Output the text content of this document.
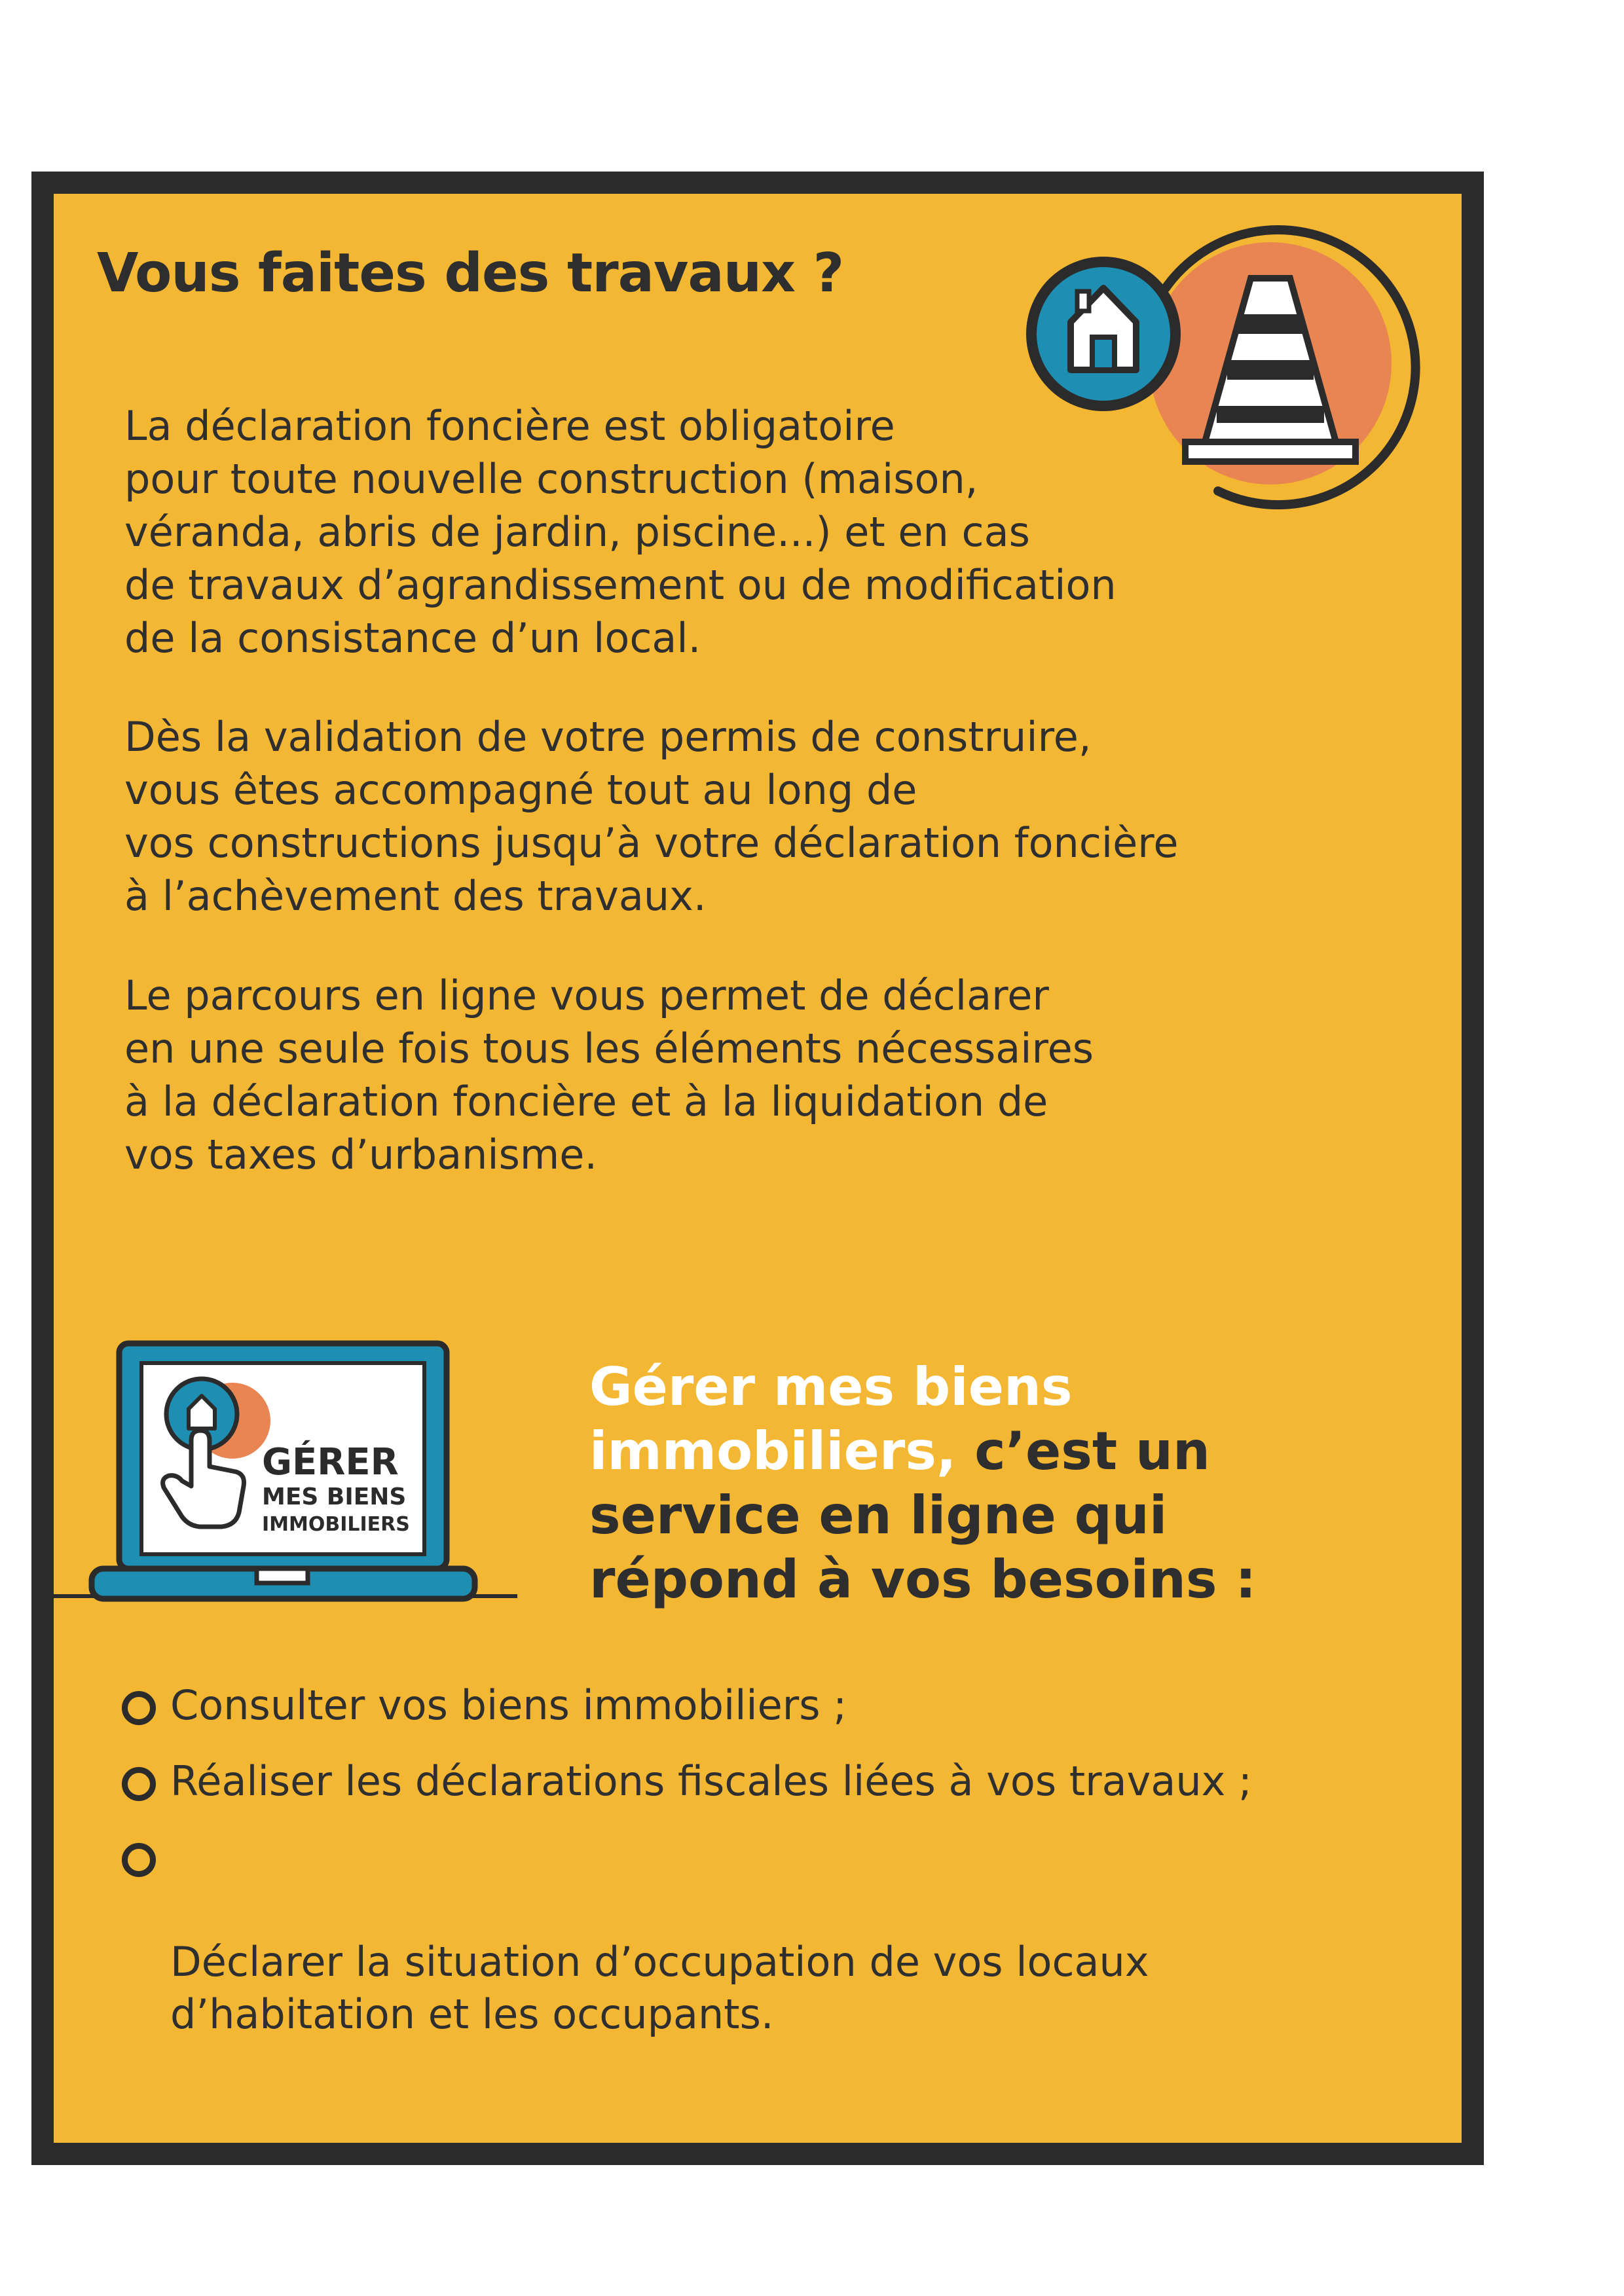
Vous faites des travaux ?

La déclaration foncière est obligatoire
pour toute nouvelle construction (maison,
véranda, abris de jardin, piscine...) et en cas
de travaux d’agrandissement ou de modification
de la consistance d’un local.

Dès la validation de votre permis de construire,
vous êtes accompagné tout au long de
vos constructions jusqu’à votre déclaration foncière
à l’achèvement des travaux.

Le parcours en ligne vous permet de déclarer
en une seule fois tous les éléments nécessaires
à la déclaration foncière et à la liquidation de
vos taxes d’urbanisme.

GÉRER
MES BIENS
IMMOBILIERS

Gérer mes biens immobiliers, c’est un service en ligne qui répond à vos besoins :

Consulter vos biens immobiliers ;
Réaliser les déclarations fiscales liées à vos travaux ;

Déclarer la situation d’occupation de vos locaux
d’habitation et les occupants.
